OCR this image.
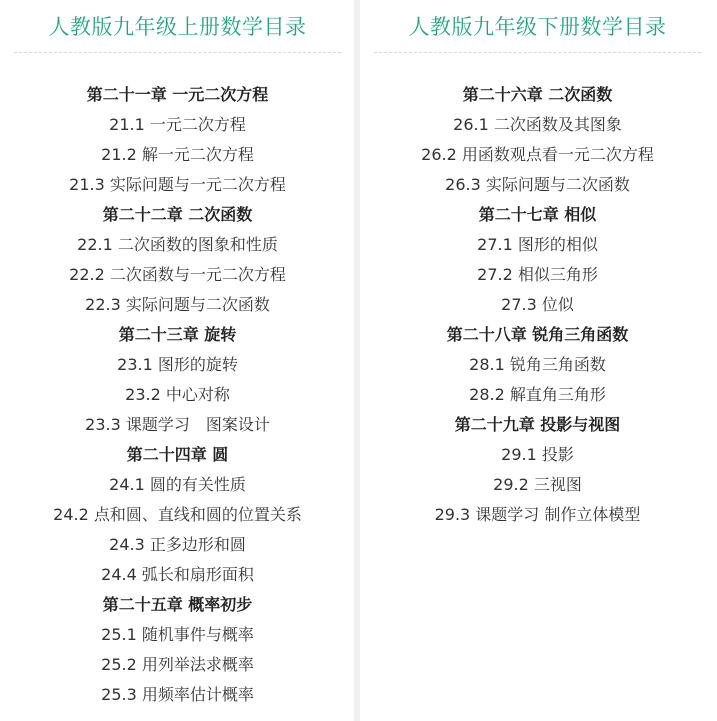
人教版九年级上册数学目录
第二十一章 一元二次方程
21.1 一元二次方程
21.2 解一元二次方程
21.3 实际问题与一元二次方程
第二十二章 二次函数
22.1 二次函数的图象和性质
22.2 二次函数与一元二次方程
22.3 实际问题与二次函数
第二十三章 旋转
23.1 图形的旋转
23.2 中心对称
23.3 课题学习　图案设计
第二十四章 圆
24.1 圆的有关性质
24.2 点和圆、直线和圆的位置关系
24.3 正多边形和圆
24.4 弧长和扇形面积
第二十五章 概率初步
25.1 随机事件与概率
25.2 用列举法求概率
25.3 用频率估计概率
人教版九年级下册数学目录
第二十六章 二次函数
26.1 二次函数及其图象
26.2 用函数观点看一元二次方程
26.3 实际问题与二次函数
第二十七章 相似
27.1 图形的相似
27.2 相似三角形
27.3 位似
第二十八章 锐角三角函数
28.1 锐角三角函数
28.2 解直角三角形
第二十九章 投影与视图
29.1 投影
29.2 三视图
29.3 课题学习 制作立体模型
